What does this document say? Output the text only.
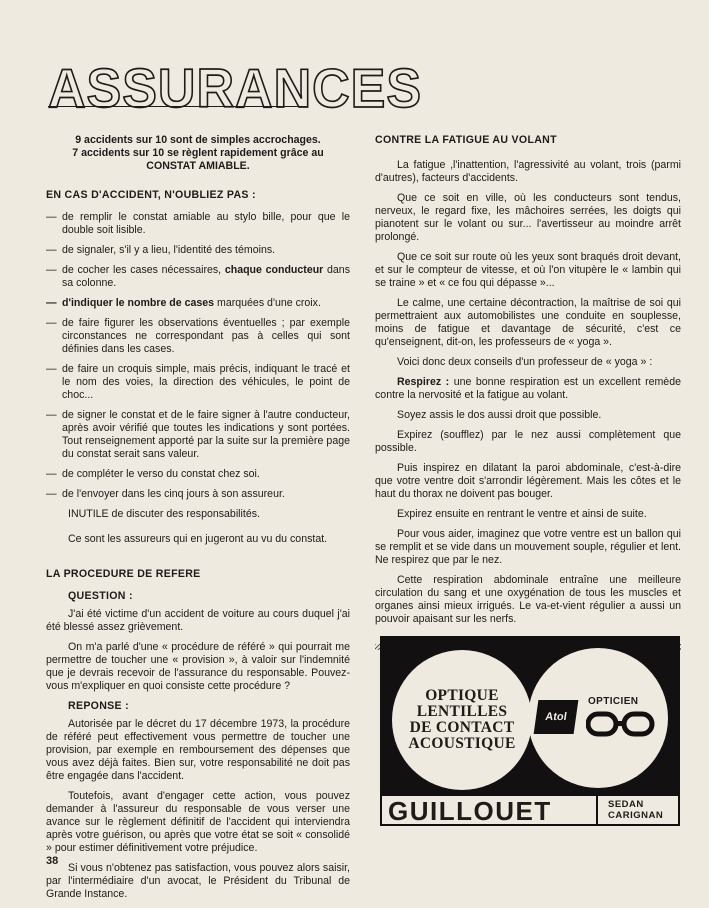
ASSURANCES

9 accidents sur 10 sont de simples accrochages.

7 accidents sur 10 se règlent rapidement grâce au

CONSTAT AMIABLE.

EN CAS D'ACCIDENT, N'OUBLIEZ PAS :
— de remplir le constat amiable au stylo bille, pour que le double soit lisible.
— de signaler, s'il y a lieu, l'identité des témoins.
— de cocher les cases nécessaires, chaque conducteur dans sa colonne.
— d'indiquer le nombre de cases marquées d'une croix.
— de faire figurer les observations éventuelles ; par exemple circonstances ne correspondant pas à celles qui sont définies dans les cases.
— de faire un croquis simple, mais précis, indiquant le tracé et le nom des voies, la direction des véhicules, le point de choc...
— de signer le constat et de le faire signer à l'autre conducteur, après avoir vérifié que toutes les indications y sont portées. Tout renseignement apporté par la suite sur la première page du constat serait sans valeur.
— de compléter le verso du constat chez soi.
— de l'envoyer dans les cinq jours à son assureur.

INUTILE de discuter des responsabilités.

Ce sont les assureurs qui en jugeront au vu du constat.

LA PROCEDURE DE REFERE
QUESTION :

J'ai été victime d'un accident de voiture au cours duquel j'ai été blessé assez grièvement.

On m'a parlé d'une « procédure de référé » qui pourrait me permettre de toucher une « provision », à valoir sur l'indemnité que je devrais recevoir de l'assurance du responsable. Pouvez-vous m'expliquer en quoi consiste cette procédure ?

REPONSE :

Autorisée par le décret du 17 décembre 1973, la procédure de référé peut effectivement vous permettre de toucher une provision, par exemple en remboursement des dépenses que vous avez déjà faites. Bien sur, votre responsabilité ne doit pas être engagée dans l'accident.

Toutefois, avant d'engager cette action, vous pouvez demander à l'assureur du responsable de vous verser une avance sur le règlement définitif de l'accident qui interviendra après votre guérison, ou après que votre état se soit « consolidé » pour estimer définitivement votre préjudice.

Si vous n'obtenez pas satisfaction, vous pouvez alors saisir, par l'intermédiaire d'un avocat, le Président du Tribunal de Grande Instance.

CONTRE LA FATIGUE AU VOLANT

La fatigue ,l'inattention, l'agressivité au volant, trois (parmi d'autres), facteurs d'accidents.

Que ce soit en ville, où les conducteurs sont tendus, nerveux, le regard fixe, les mâchoires serrées, les doigts qui pianotent sur le volant ou sur... l'avertisseur au moindre arrêt prolongé.

Que ce soit sur route où les yeux sont braqués droit devant, et sur le compteur de vitesse, et où l'on vitupère le « lambin qui se traine » et « ce fou qui dépasse »...

Le calme, une certaine décontraction, la maîtrise de soi qui permettraient aux automobilistes une conduite en souplesse, moins de fatigue et davantage de sécurité, c'est ce qu'enseignent, dit-on, les professeurs de « yoga ».

Voici donc deux conseils d'un professeur de « yoga » :

Respirez : une bonne respiration est un excellent remède contre la nervosité et la fatigue au volant.

Soyez assis le dos aussi droit que possible.

Expirez (soufflez) par le nez aussi complètement que possible.

Puis inspirez en dilatant la paroi abdominale, c'est-à-dire que votre ventre doit s'arrondir légèrement. Mais les côtes et le haut du thorax ne doivent pas bouger.

Expirez ensuite en rentrant le ventre et ainsi de suite.

Pour vous aider, imaginez que votre ventre est un ballon qui se remplit et se vide dans un mouvement souple, régulier et lent. Ne respirez que par le nez.

Cette respiration abdominale entraîne une meilleure circulation du sang et une oxygénation de tous les muscles et organes ainsi mieux irrigués. Le va-et-vient régulier a aussi un pouvoir apaisant sur les nerfs.

OPTIQUE
LENTILLES
DE CONTACT
ACOUSTIQUE
Atol
OPTICIEN
GUILLOUET	SEDAN
CARIGNAN
38
